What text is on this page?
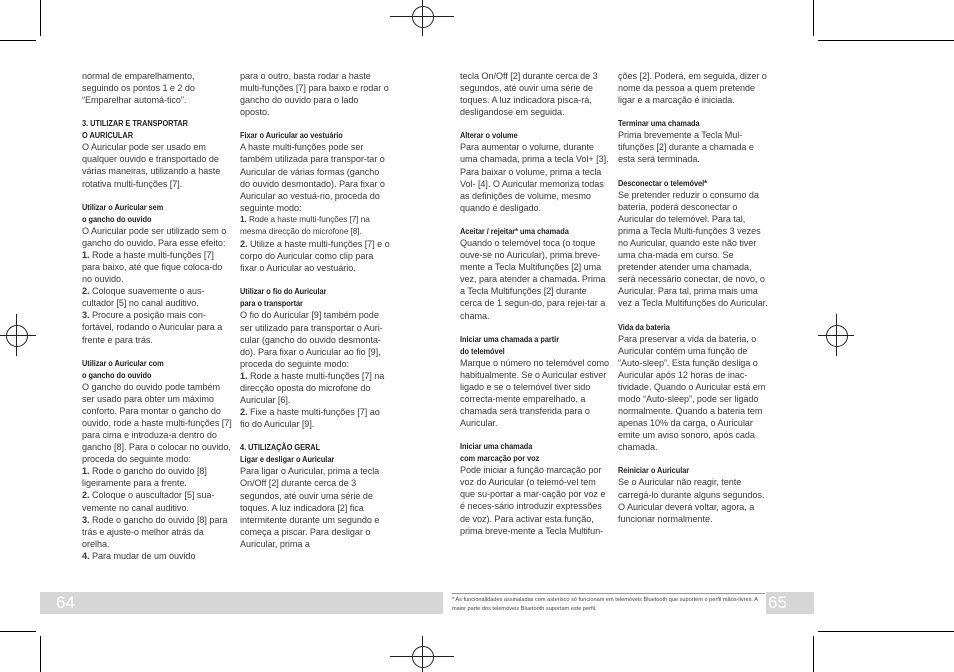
normal de emparelhamento, seguindo os pontos 1 e 2 do “Emparelhar automá-tico”.

3. UTILIZAR E TRANSPORTAR
O AURICULAR

O Auricular pode ser usado em qualquer ouvido e transportado de várias maneiras, utilizando a haste rotativa multi-funções [7].

Utilizar o Auricular sem
o gancho do ouvido

O Auricular pode ser utilizado sem o gancho do ouvido. Para esse efeito:

1. Rode a haste multi-funções [7] para baixo, até que fique coloca-do no ouvido.

2. Coloque suavemente o aus-cultador [5] no canal auditivo.

3. Procure a posição mais con-fortável, rodando o Auricular para a frente e para trás.

Utilizar o Auricular com
o gancho do ouvido

O gancho do ouvido pode também ser usado para obter um máximo conforto. Para montar o gancho do ouvido, rode a haste multi-funções [7] para cima e introduza-a dentro do gancho [8]. Para o colocar no ouvido, proceda do seguinte modo:

1. Rode o gancho do ouvido [8] ligeiramente para a frente.

2. Coloque o auscultador [5] sua-vemente no canal auditivo.

3. Rode o gancho do ouvido [8] para trás e ajuste-o melhor atrás da orelha.

4. Para mudar de um ouvido

para o outro, basta rodar a haste multi-funções [7] para baixo e rodar o gancho do ouvido para o lado oposto.

Fixar o Auricular ao vestuário

A haste multi-funções pode ser também utilizada para transpor-tar o Auricular de várias formas (gancho do ouvido desmontado). Para fixar o Auricular ao vestuá-rio, proceda do seguinte modo:

1. Rode a haste multi-funções [7] na mesma direcção do microfone [8].

2. Utilize a haste multi-funções [7] e o corpo do Auricular como clip para fixar o Auricular ao vestuário.

Utilizar o fio do Auricular
para o transportar

O fio do Auricular [9] também pode ser utilizado para transportar o Auri-cular (gancho do ouvido desmonta-do). Para fixar o Auricular ao fio [9], proceda do seguinte modo:

1. Rode a haste multi-funções [7] na direcção oposta do microfone do Auricular [6].

2. Fixe a haste multi-funções [7] ao fio do Auricular [9].

4. UTILIZAÇÃO GERAL
Ligar e desligar o Auricular

Para ligar o Auricular, prima a tecla On/Off [2] durante cerca de 3 segundos, até ouvir uma série de toques. A luz indicadora [2] fica intermitente durante um segundo e começa a piscar. Para desligar o Auricular, prima a

tecla On/Off [2] durante cerca de 3 segundos, até ouvir uma série de toques. A luz indicadora pisca-rá, desligandose em seguida.

Alterar o volume

Para aumentar o volume, durante uma chamada, prima a tecla Vol+ [3]. Para baixar o volume, prima a tecla Vol- [4]. O Auricular memoriza todas as definições de volume, mesmo quando é desligado.

Aceitar / rejeitar* uma chamada

Quando o telemóvel toca (o toque ouve-se no Auricular), prima breve-mente a Tecla Multifunções [2] uma vez, para atender a chamada. Prima a Tecla Multifunções [2] durante cerca de 1 segun-do, para rejei-tar a chama.

Iniciar uma chamada a partir
do telemóvel

Marque o número no telemóvel como habitualmente. Se o Auricular estiver ligado e se o telemóvel tiver sido correcta-mente emparelhado, a chamada será transferida para o Auricular.

Iniciar uma chamada
com marcação por voz

Pode iniciar a função marcação por voz do Auricular (o telemó-vel tem que su-portar a mar-cação por voz e é neces-sário introduzir expressões de voz). Para activar esta função, prima breve-mente a Tecla Multifun-

ções [2]. Poderá, em seguida, dizer o nome da pessoa a quem pretende ligar e a marcação é iniciada.

Terminar uma chamada

Prima brevemente a Tecla Mul-tifunções [2] durante a chamada e esta será terminada.

Desconectar o telemóvel*

Se pretender reduzir o consumo da bateria, poderá desconectar o Auricular do telemóvel. Para tal, prima a Tecla Multi-funções 3 vezes no Auricular, quando este não tiver uma cha-mada em curso. Se pretender atender uma chamada, será necessário conectar, de novo, o Auricular. Para tal, prima mais uma vez a Tecla Multifunções do Auricular.

Vida da bateria

Para preservar a vida da bateria, o Auricular contém uma função de “Auto-sleep”. Esta função desliga o Auricular após 12 horas de inac-tividade. Quando o Auricular está em modo “Auto-sleep”, pode ser ligado normalmente. Quando a bateria tem apenas 10% da carga, o Auricular emite um aviso sonoro, após cada chamada.

Reiniciar o Auricular

Se o Auricular não reagir, tente carregá-lo durante alguns segundos. O Auricular deverá voltar, agora, a funcionar normalmente.

64	65
* As funcionalidades assinaladas com asterisco só funcionam em telemóveis Bluetooth que suportem o perfil mãos-livres. A maior parte dos telemóveis Bluetooth suportam este perfil.
